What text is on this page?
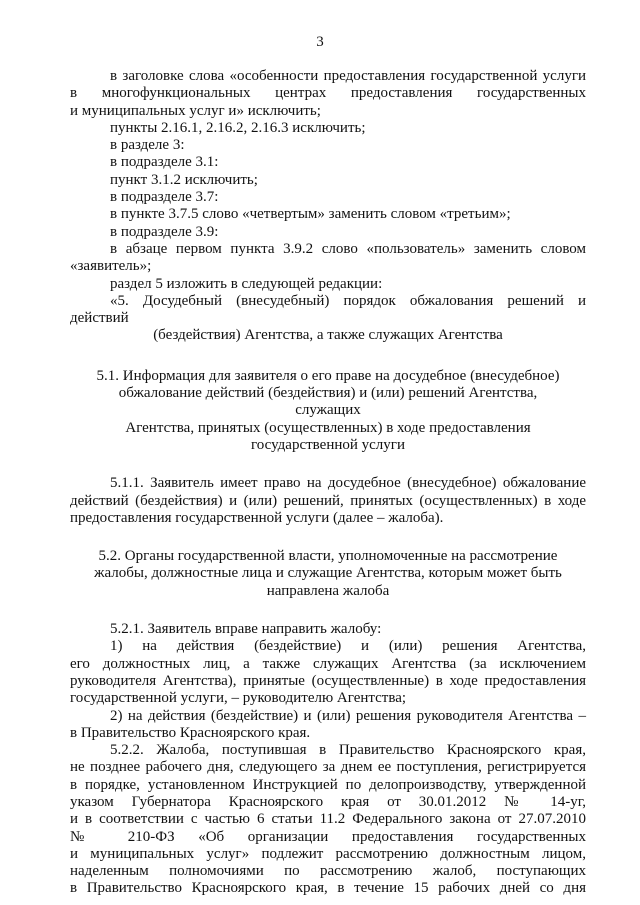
3
в заголовке слова «особенности предоставления государственной услуги
в многофункциональных центрах предоставления государственных
и муниципальных услуг и» исключить;
пункты 2.16.1, 2.16.2, 2.16.3 исключить;
в разделе 3:
в подразделе 3.1:
пункт 3.1.2 исключить;
в подразделе 3.7:
в пункте 3.7.5 слово «четвертым» заменить словом «третьим»;
в подразделе 3.9:
в абзаце первом пункта 3.9.2 слово «пользователь» заменить словом
«заявитель»;
раздел 5 изложить в следующей редакции:
«5. Досудебный (внесудебный) порядок обжалования решений и действий
(бездействия) Агентства, а также служащих Агентства
5.1. Информация для заявителя о его праве на досудебное (внесудебное)
обжалование действий (бездействия) и (или) решений Агентства, служащих
Агентства, принятых (осуществленных) в ходе предоставления
государственной услуги
5.1.1. Заявитель имеет право на досудебное (внесудебное) обжалование
действий (бездействия) и (или) решений, принятых (осуществленных) в ходе
предоставления государственной услуги (далее – жалоба).
5.2. Органы государственной власти, уполномоченные на рассмотрение
жалобы, должностные лица и служащие Агентства, которым может быть
направлена жалоба
5.2.1. Заявитель вправе направить жалобу:
1) на действия (бездействие) и (или) решения Агентства,
его должностных лиц, а также служащих Агентства (за исключением
руководителя Агентства), принятые (осуществленные) в ходе предоставления
государственной услуги, – руководителю Агентства;
2) на действия (бездействие) и (или) решения руководителя Агентства –
в Правительство Красноярского края.
5.2.2. Жалоба, поступившая в Правительство Красноярского края,
не позднее рабочего дня, следующего за днем ее поступления, регистрируется
в порядке, установленном Инструкцией по делопроизводству, утвержденной
указом Губернатора Красноярского края от 30.01.2012 № 14-уг,
и в соответствии с частью 6 статьи 11.2 Федерального закона от 27.07.2010
№ 210-ФЗ «Об организации предоставления государственных
и муниципальных услуг» подлежит рассмотрению должностным лицом,
наделенным полномочиями по рассмотрению жалоб, поступающих
в Правительство Красноярского края, в течение 15 рабочих дней со дня
